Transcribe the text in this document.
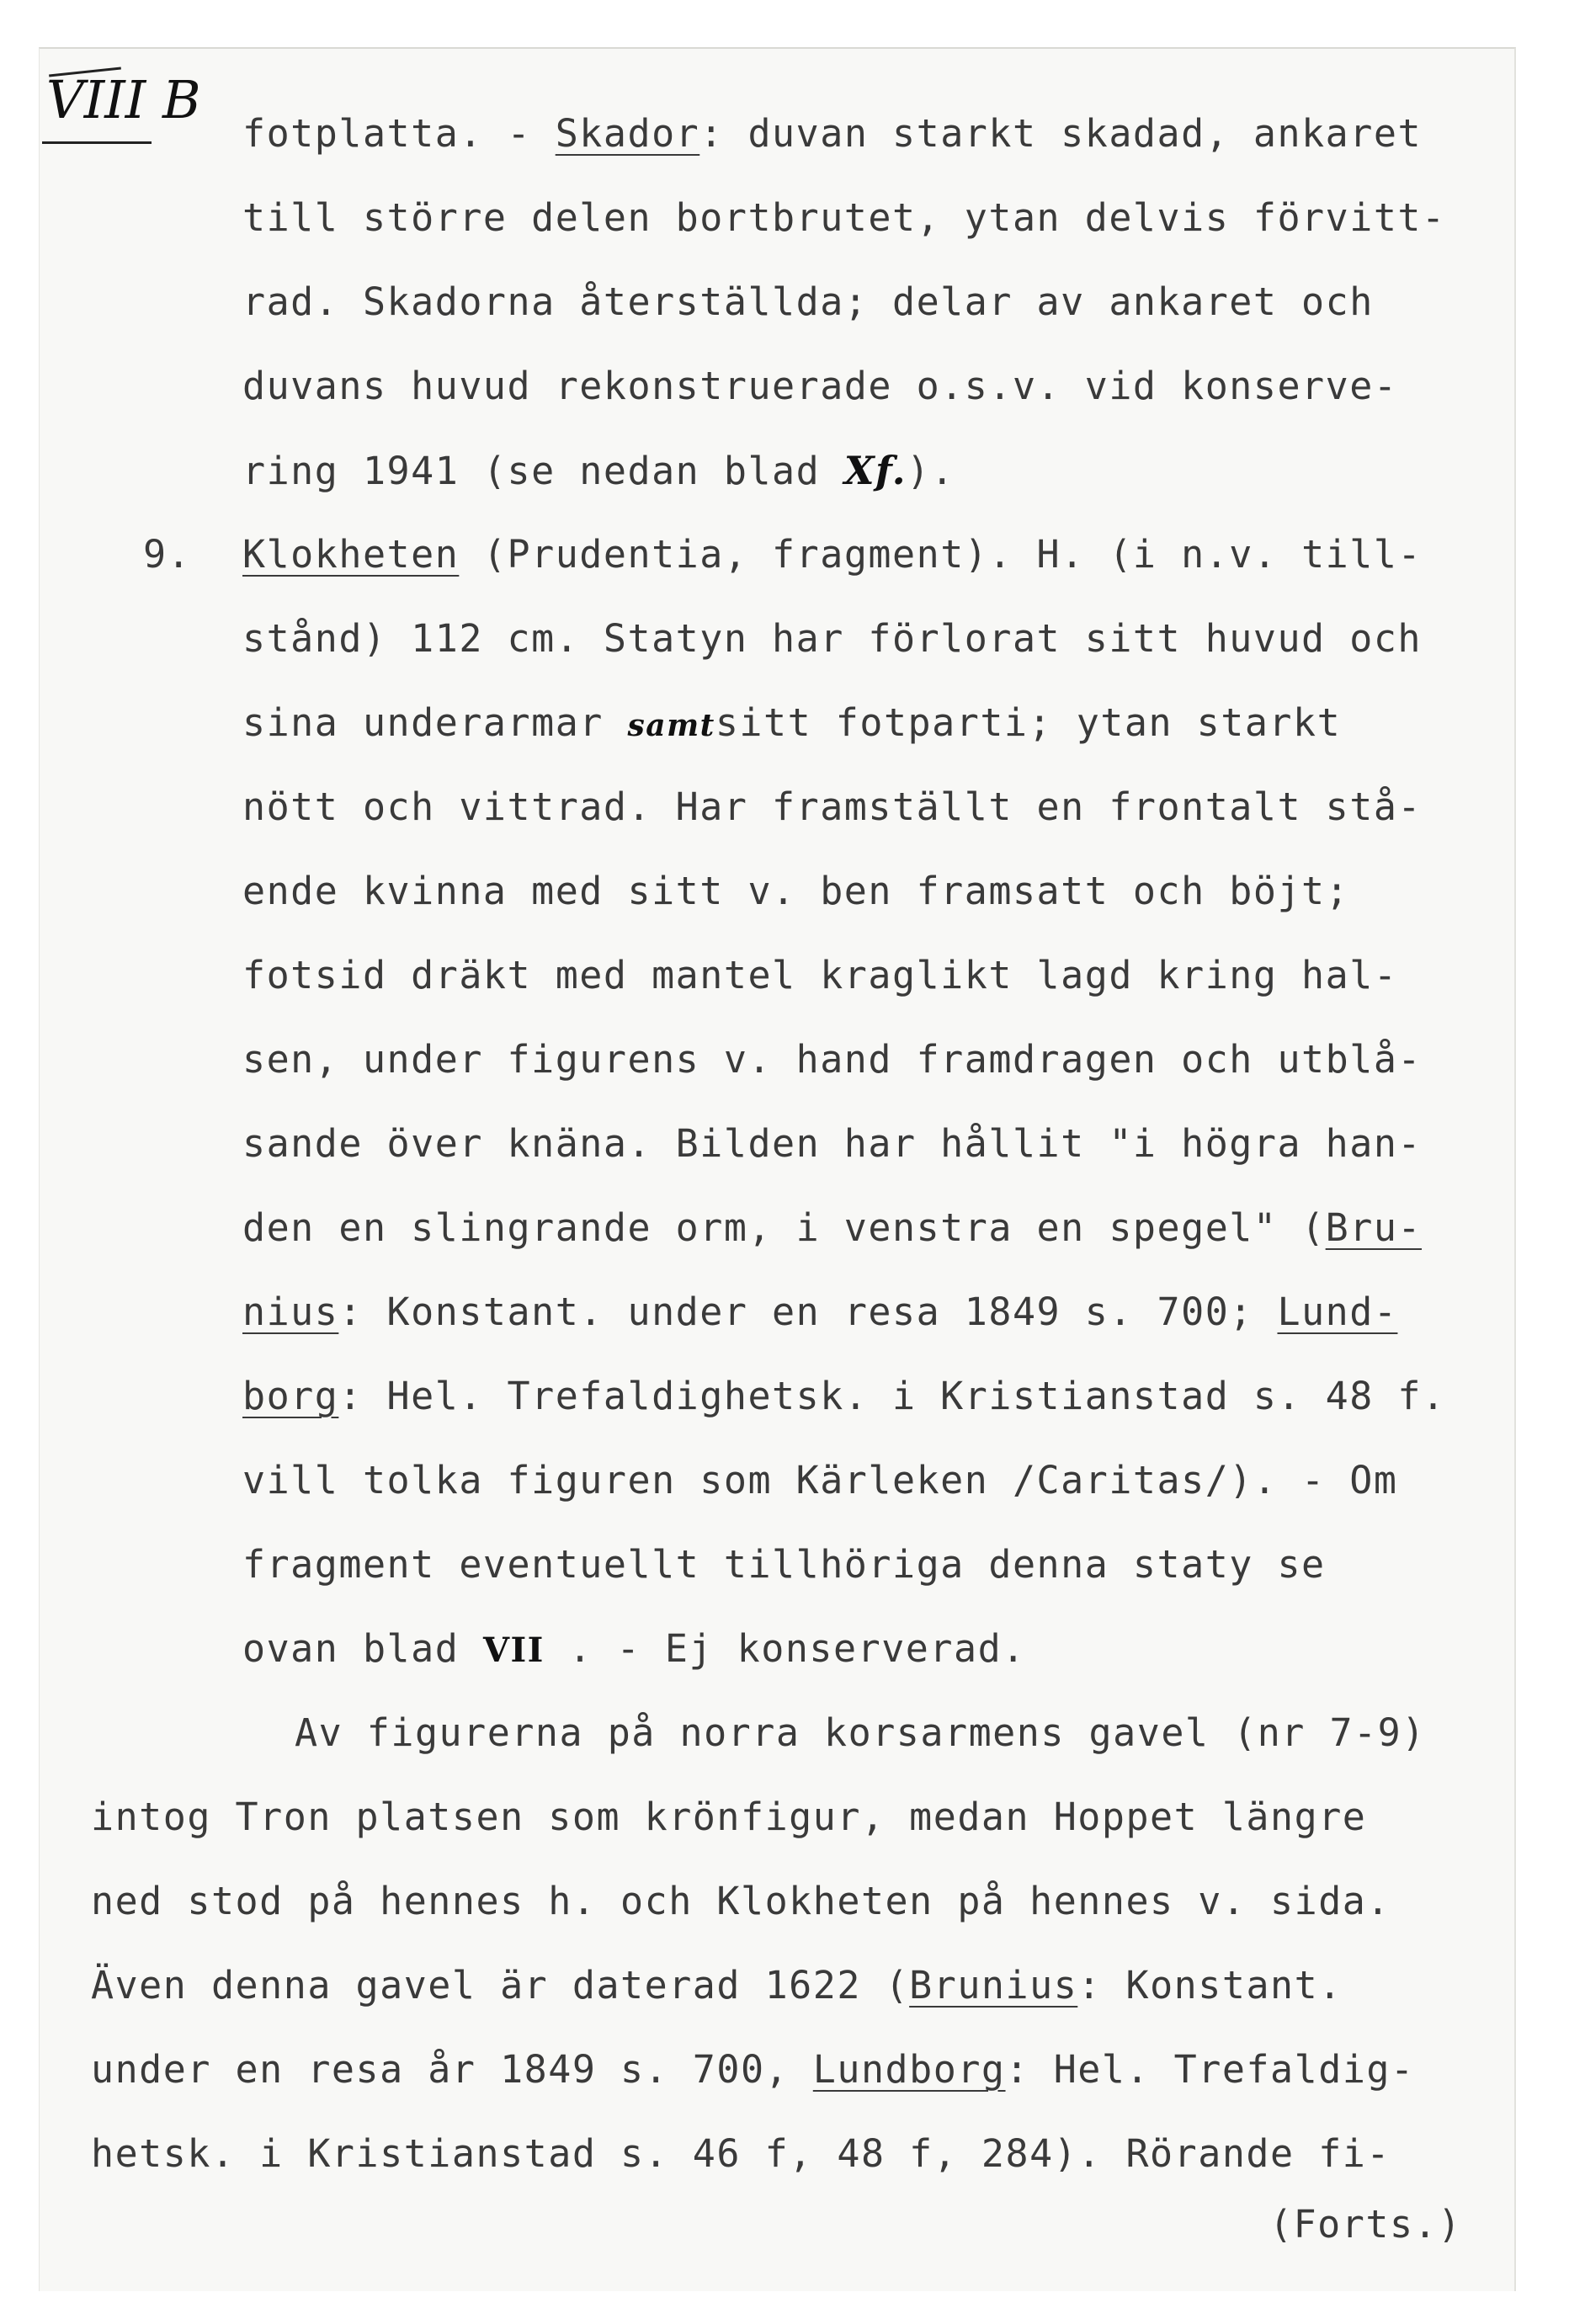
VIII B
fotplatta. - Skador: duvan starkt skadad, ankaret
till större delen bortbrutet, ytan delvis förvitt-
rad. Skadorna återställda; delar av ankaret och
duvans huvud rekonstruerade o.s.v. vid konserve-
ring 1941 (se nedan blad Xf.).
9. Klokheten (Prudentia, fragment). H. (i n.v. till-
stånd) 112 cm. Statyn har förlorat sitt huvud och
sina underarmar samtsitt fotparti; ytan starkt
nött och vittrad. Har framställt en frontalt stå-
ende kvinna med sitt v. ben framsatt och böjt;
fotsid dräkt med mantel kraglikt lagd kring hal-
sen, under figurens v. hand framdragen och utblå-
sande över knäna. Bilden har hållit "i högra han-
den en slingrande orm, i venstra en spegel" (Bru-
nius: Konstant. under en resa 1849 s. 700; Lund-
borg: Hel. Trefaldighetsk. i Kristianstad s. 48 f.
vill tolka figuren som Kärleken /Caritas/). - Om
fragment eventuellt tillhöriga denna staty se
ovan blad VII . - Ej konserverad.
Av figurerna på norra korsarmens gavel (nr 7-9)
intog Tron platsen som krönfigur, medan Hoppet längre
ned stod på hennes h. och Klokheten på hennes v. sida.
Även denna gavel är daterad 1622 (Brunius: Konstant.
under en resa år 1849 s. 700, Lundborg: Hel. Trefaldig-
hetsk. i Kristianstad s. 46 f, 48 f, 284). Rörande fi-
(Forts.)
